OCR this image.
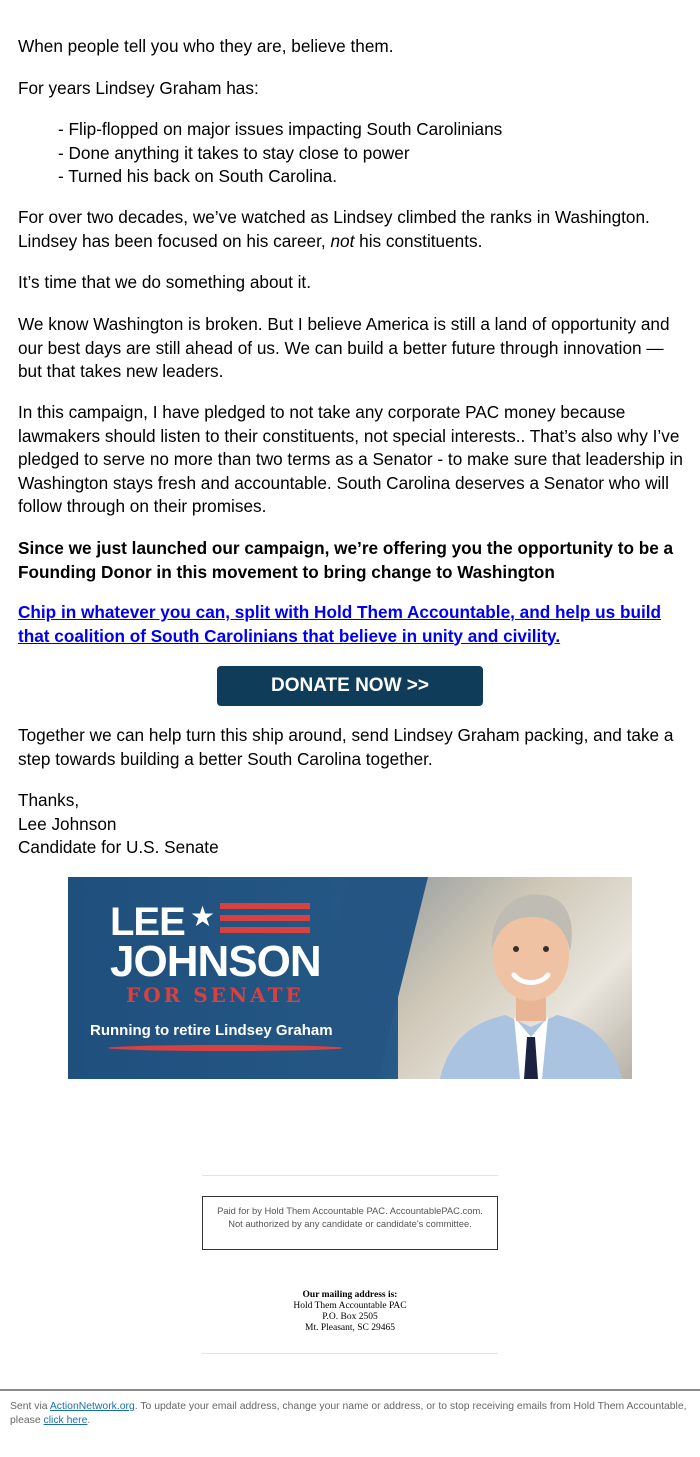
When people tell you who they are, believe them.

For years Lindsey Graham has:

- Flip-flopped on major issues impacting South Carolinians
- Done anything it takes to stay close to power
- Turned his back on South Carolina.

For over two decades, we’ve watched as Lindsey climbed the ranks in Washington. Lindsey has been focused on his career, not his constituents.

It’s time that we do something about it.

We know Washington is broken. But I believe America is still a land of opportunity and our best days are still ahead of us. We can build a better future through innovation — but that takes new leaders.

In this campaign, I have pledged to not take any corporate PAC money because lawmakers should listen to their constituents, not special interests.. That’s also why I’ve pledged to serve no more than two terms as a Senator - to make sure that leadership in Washington stays fresh and accountable. South Carolina deserves a Senator who will follow through on their promises.

Since we just launched our campaign, we’re offering you the opportunity to be a Founding Donor in this movement to bring change to Washington

Chip in whatever you can, split with Hold Them Accountable, and help us build that coalition of South Carolinians that believe in unity and civility.

Together we can help turn this ship around, send Lindsey Graham packing, and take a step towards building a better South Carolina together.

Thanks,
Lee Johnson
Candidate for U.S. Senate

DONATE NOW >>
LEE ★
JOHNSON
FOR SENATE
Running to retire Lindsey Graham
Paid for by Hold Them Accountable PAC. AccountablePAC.com. Not authorized by any candidate or candidate's committee.
Our mailing address is:
Hold Them Accountable PAC
P.O. Box 2505
Mt. Pleasant, SC 29465
Sent via ActionNetwork.org. To update your email address, change your name or address, or to stop receiving emails from Hold Them Accountable, please click here.
